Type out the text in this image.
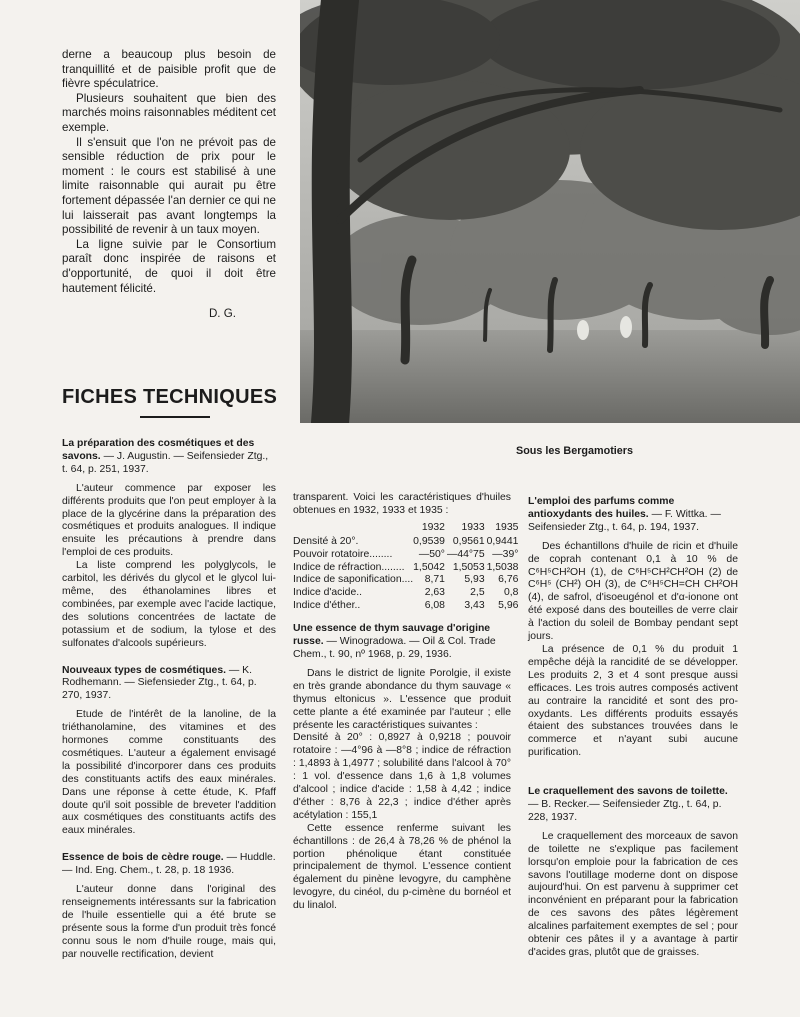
derne a beaucoup plus besoin de tranquillité et de paisible profit que de fièvre spéculatrice.

Plusieurs souhaitent que bien des marchés moins raisonnables méditent cet exemple.

Il s'ensuit que l'on ne prévoit pas de sensible réduction de prix pour le moment : le cours est stabilisé à une limite raisonnable qui aurait pu être fortement dépassée l'an dernier ce qui ne lui laisserait pas avant longtemps la possibilité de revenir à un taux moyen.

La ligne suivie par le Consortium paraît donc inspirée de raisons et d'opportunité, de quoi il doit être hautement félicité.

D. G.
FICHES TECHNIQUES
Sous les Bergamotiers
La préparation des cosmétiques et des savons. — J. Augustin. — Seifensieder Ztg., t. 64, p. 251, 1937.

L'auteur commence par exposer les différents produits que l'on peut employer à la place de la glycérine dans la préparation des cosmétiques et produits analogues. Il indique ensuite les précautions à prendre dans l'emploi de ces produits.

La liste comprend les polyglycols, le carbitol, les dérivés du glycol et le glycol lui-même, des éthanolamines libres et combinées, par exemple avec l'acide lactique, des solutions concentrées de lactate de potassium et de sodium, la tylose et des sulfonates d'alcools supérieurs.

Nouveaux types de cosmétiques. — K. Rodhemann. — Siefensieder Ztg., t. 64, p. 270, 1937.

Etude de l'intérêt de la lanoline, de la triéthanolamine, des vitamines et des hormones comme constituants des cosmétiques. L'auteur a également envisagé la possibilité d'incorporer dans ces produits des constituants actifs des eaux minérales. Dans une réponse à cette étude, K. Pfaff doute qu'il soit possible de breveter l'addition aux cosmétiques des constituants actifs des eaux minérales.

Essence de bois de cèdre rouge. — Huddle. — Ind. Eng. Chem., t. 28, p. 18 1936.

L'auteur donne dans l'original des renseignements intéressants sur la fabrication de l'huile essentielle qui a été brute se présente sous la forme d'un produit très foncé connu sous le nom d'huile rouge, mais qui, par nouvelle rectification, devient

transparent. Voici les caractéristiques d'huiles obtenues en 1932, 1933 et 1935 :

	1932	1933	1935
Densité à 20°.	0,9539	0,9561	0,9441
Pouvoir rotatoire........	—50°	—44°75	—39°
Indice de réfraction........	1,5042	1,5053	1,5038
Indice de saponification....	8,71	5,93	6,76
Indice d'acide..	2,63	2,5	0,8
Indice d'éther..	6,08	3,43	5,96
Une essence de thym sauvage d'origine russe. — Winogradowa. — Oil & Col. Trade Chem., t. 90, nº 1968, p. 29, 1936.

Dans le district de lignite Porolgie, il existe en très grande abondance du thym sauvage « thymus eltonicus ». L'essence que produit cette plante a été examinée par l'auteur ; elle présente les caractéristiques suivantes :

Densité à 20° : 0,8927 à 0,9218 ; pouvoir rotatoire : —4°96 à —8°8 ; indice de réfraction : 1,4893 à 1,4977 ; solubilité dans l'alcool à 70° : 1 vol. d'essence dans 1,6 à 1,8 volumes d'alcool ; indice d'acide : 1,58 à 4,42 ; indice d'éther : 8,76 à 22,3 ; indice d'éther après acétylation : 155,1

Cette essence renferme suivant les échantillons : de 26,4 à 78,26 % de phénol la portion phénolique étant constituée principalement de thymol. L'essence contient également du pinène levogyre, du camphène levogyre, du cinéol, du p-cimène du bornéol et du linalol.

L'emploi des parfums comme antioxydants des huiles. — F. Wittka. — Seifensieder Ztg., t. 64, p. 194, 1937.

Des échantillons d'huile de ricin et d'huile de coprah contenant 0,1 à 10 % de C⁶H⁵CH²OH (1), de C⁶H⁵CH²CH²OH (2) de C⁶H⁵ (CH²) OH (3), de C⁶H⁵CH=CH CH²OH (4), de safrol, d'isoeugénol et d'α-ionone ont été exposé dans des bouteilles de verre clair à l'action du soleil de Bombay pendant sept jours.

La présence de 0,1 % du produit 1 empêche déjà la rancidité de se développer. Les produits 2, 3 et 4 sont presque aussi efficaces. Les trois autres composés activent au contraire la rancidité et sont des pro-oxydants. Les différents produits essayés étaient des substances trouvées dans le commerce et n'ayant subi aucune purification.

Le craquellement des savons de toilette.— B. Recker.— Seifensieder Ztg., t. 64, p. 228, 1937.

Le craquellement des morceaux de savon de toilette ne s'explique pas facilement lorsqu'on emploie pour la fabrication de ces savons l'outillage moderne dont on dispose aujourd'hui. On est parvenu à supprimer cet inconvénient en préparant pour la fabrication de ces savons des pâtes légèrement alcalines parfaitement exemptes de sel ; pour obtenir ces pâtes il y a avantage à partir d'acides gras, plutôt que de graisses.
